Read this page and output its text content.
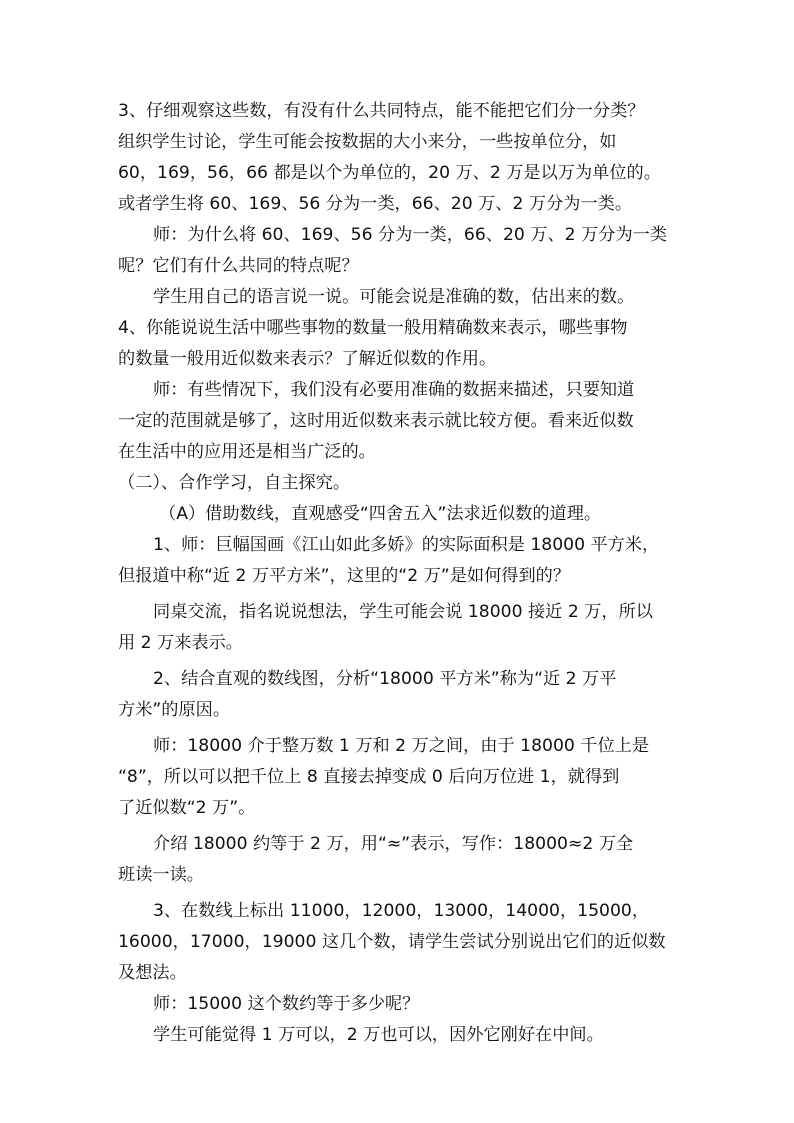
3、仔细观察这些数，有没有什么共同特点，能不能把它们分一分类？
组织学生讨论，学生可能会按数据的大小来分，一些按单位分，如
60，169，56，66 都是以个为单位的，20 万、2 万是以万为单位的。
或者学生将 60、169、56 分为一类，66、20 万、2 万分为一类。
师：为什么将 60、169、56 分为一类，66、20 万、2 万分为一类
呢？它们有什么共同的特点呢？
学生用自己的语言说一说。可能会说是准确的数，估出来的数。
4、你能说说生活中哪些事物的数量一般用精确数来表示，哪些事物
的数量一般用近似数来表示？了解近似数的作用。
师：有些情况下，我们没有必要用准确的数据来描述，只要知道
一定的范围就是够了，这时用近似数来表示就比较方便。看来近似数
在生活中的应用还是相当广泛的。
（二）、合作学习，自主探究。
（A）借助数线，直观感受“四舍五入”法求近似数的道理。
1、师：巨幅国画《江山如此多娇》的实际面积是 18000 平方米，
但报道中称“近 2 万平方米”，这里的“2 万”是如何得到的？
同桌交流，指名说说想法，学生可能会说 18000 接近 2 万，所以
用 2 万来表示。
2、结合直观的数线图，分析“18000 平方米”称为“近 2 万平
方米”的原因。
师：18000 介于整万数 1 万和 2 万之间，由于 18000 千位上是
“8”，所以可以把千位上 8 直接去掉变成 0 后向万位进 1，就得到
了近似数“2 万”。
介绍 18000 约等于 2 万，用“≈”表示，写作：18000≈2 万全
班读一读。
3、在数线上标出 11000，12000，13000，14000，15000，
16000，17000，19000 这几个数，请学生尝试分别说出它们的近似数
及想法。
师：15000 这个数约等于多少呢？
学生可能觉得 1 万可以，2 万也可以，因外它刚好在中间。
